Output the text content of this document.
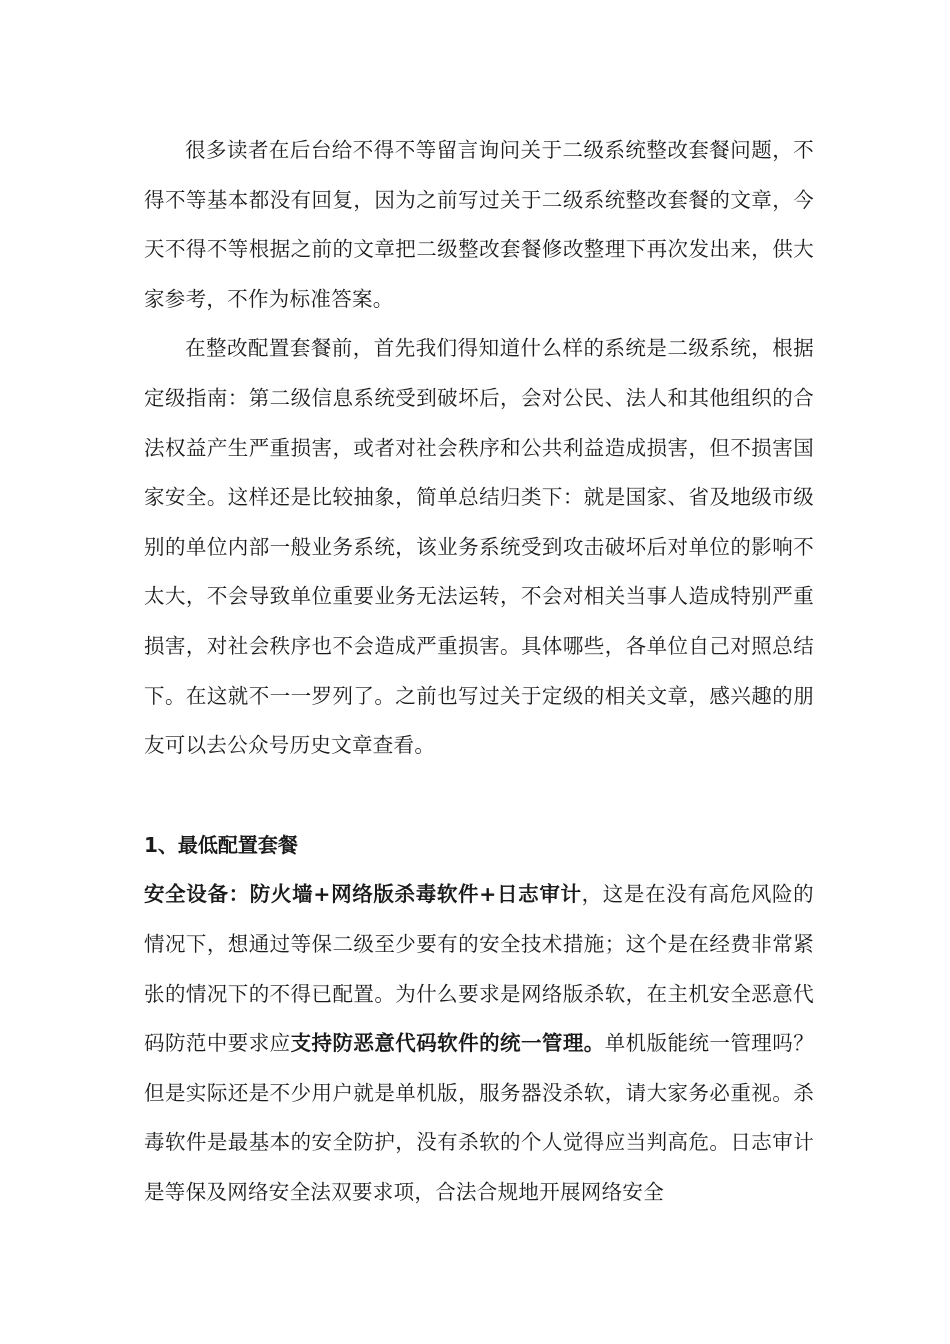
很多读者在后台给不得不等留言询问关于二级系统整改套餐问题，不得不等基本都没有回复，因为之前写过关于二级系统整改套餐的文章，今天不得不等根据之前的文章把二级整改套餐修改整理下再次发出来，供大家参考，不作为标准答案。

在整改配置套餐前，首先我们得知道什么样的系统是二级系统，根据定级指南：第二级信息系统受到破坏后，会对公民、法人和其他组织的合法权益产生严重损害，或者对社会秩序和公共利益造成损害，但不损害国家安全。这样还是比较抽象，简单总结归类下：就是国家、省及地级市级别的单位内部一般业务系统，该业务系统受到攻击破坏后对单位的影响不太大，不会导致单位重要业务无法运转，不会对相关当事人造成特别严重损害，对社会秩序也不会造成严重损害。具体哪些，各单位自己对照总结下。在这就不一一罗列了。之前也写过关于定级的相关文章，感兴趣的朋友可以去公众号历史文章查看。

1、最低配置套餐

安全设备：防火墙+网络版杀毒软件+日志审计，这是在没有高危风险的情况下，想通过等保二级至少要有的安全技术措施；这个是在经费非常紧张的情况下的不得已配置。为什么要求是网络版杀软，在主机安全恶意代码防范中要求应支持防恶意代码软件的统一管理。单机版能统一管理吗？但是实际还是不少用户就是单机版，服务器没杀软，请大家务必重视。杀毒软件是最基本的安全防护，没有杀软的个人觉得应当判高危。日志审计是等保及网络安全法双要求项，合法合规地开展网络安全
